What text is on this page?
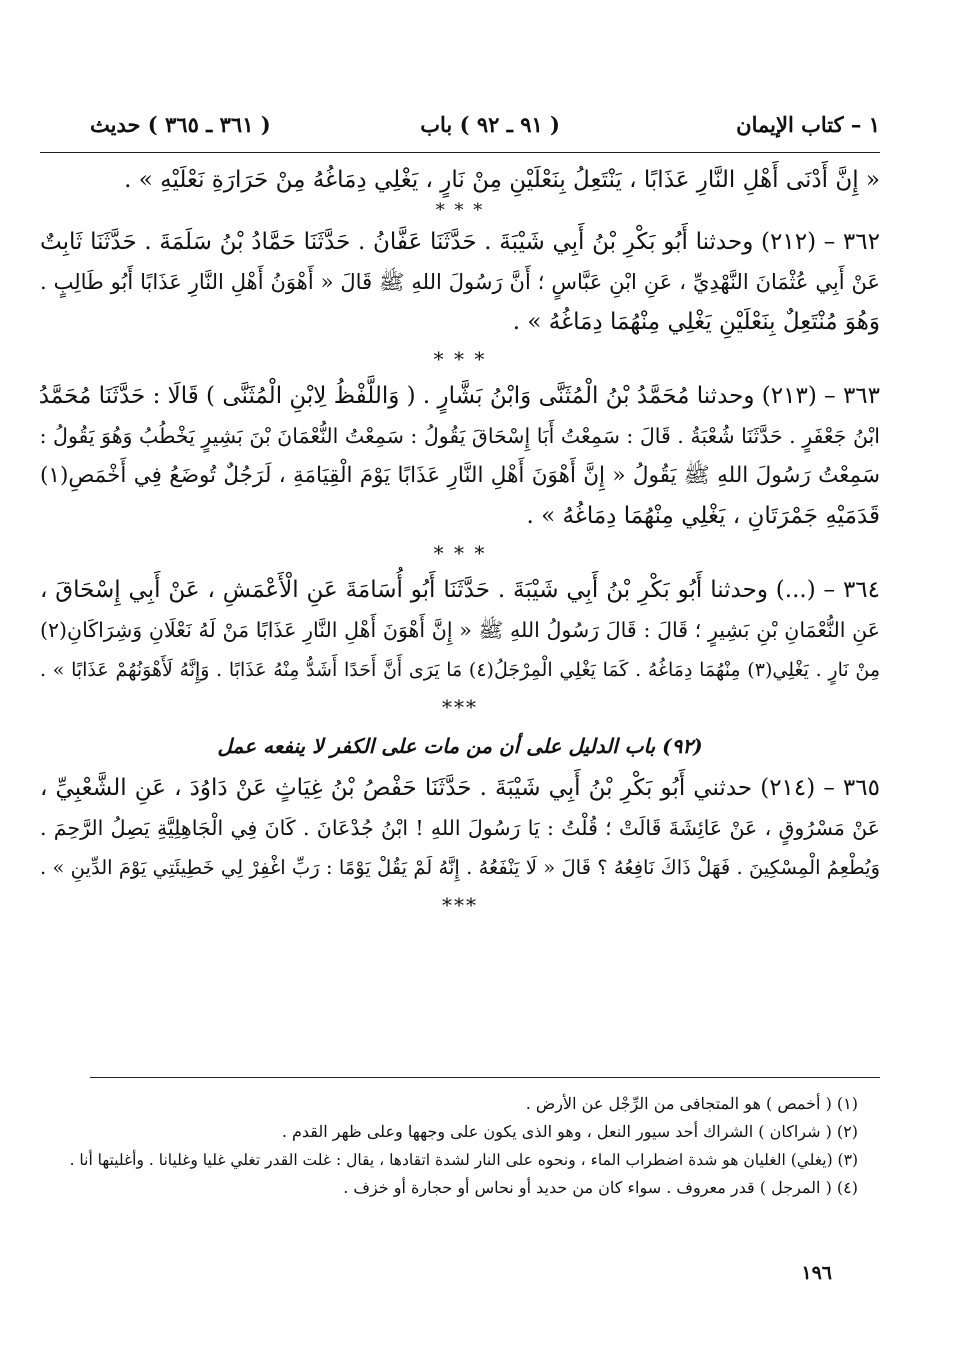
١ – كتاب الإيمان
( ٩١ ـ ٩٢ ) باب
( ٣٦١ ـ ٣٦٥ ) حديث
« إِنَّ أَدْنَى أَهْلِ النَّارِ عَذَابًا ، يَنْتَعِلُ بِنَعْلَيْنِ مِنْ نَارٍ ، يَغْلِي دِمَاغُهُ مِنْ حَرَارَةِ نَعْلَيْهِ » .
* * *
٣٦٢ – (٢١٢) وحدثنا أَبُو بَكْرِ بْنُ أَبِي شَيْبَةَ . حَدَّثَنَا عَفَّانُ . حَدَّثَنَا حَمَّادُ بْنُ سَلَمَةَ . حَدَّثَنَا ثَابِتٌ
عَنْ أَبِي عُثْمَانَ النَّهْدِيِّ ، عَنِ ابْنِ عَبَّاسٍ ؛ أَنَّ رَسُولَ اللهِ ﷺ قَالَ « أَهْوَنُ أَهْلِ النَّارِ عَذَابًا أَبُو طَالِبٍ .
وَهُوَ مُنْتَعِلٌ بِنَعْلَيْنِ يَغْلِي مِنْهُمَا دِمَاغُهُ » .
* * *
٣٦٣ – (٢١٣) وحدثنا مُحَمَّدُ بْنُ الْمُثَنَّى وَابْنُ بَشَّارٍ . ( وَاللَّفْظُ لِابْنِ الْمُثَنَّى ) قَالَا : حَدَّثَنَا مُحَمَّدُ
ابْنُ جَعْفَرٍ . حَدَّثَنَا شُعْبَةُ . قَالَ : سَمِعْتُ أَبَا إِسْحَاقَ يَقُولُ : سَمِعْتُ النُّعْمَانَ بْنَ بَشِيرٍ يَخْطُبُ وَهُوَ يَقُولُ :
سَمِعْتُ رَسُولَ اللهِ ﷺ يَقُولُ « إِنَّ أَهْوَنَ أَهْلِ النَّارِ عَذَابًا يَوْمَ الْقِيَامَةِ ، لَرَجُلٌ تُوضَعُ فِي أَخْمَصِ(١)
قَدَمَيْهِ جَمْرَتَانِ ، يَغْلِي مِنْهُمَا دِمَاغُهُ » .
* * *
٣٦٤ – (...) وحدثنا أَبُو بَكْرِ بْنُ أَبِي شَيْبَةَ . حَدَّثَنَا أَبُو أُسَامَةَ عَنِ الْأَعْمَشِ ، عَنْ أَبِي إِسْحَاقَ ،
عَنِ النُّعْمَانِ بْنِ بَشِيرٍ ؛ قَالَ : قَالَ رَسُولُ اللهِ ﷺ « إِنَّ أَهْوَنَ أَهْلِ النَّارِ عَذَابًا مَنْ لَهُ نَعْلَانِ وَشِرَاكَانِ(٢)
مِنْ نَارٍ . يَغْلِي(٣) مِنْهُمَا دِمَاغُهُ . كَمَا يَغْلِي الْمِرْجَلُ(٤) مَا يَرَى أَنَّ أَحَدًا أَشَدُّ مِنْهُ عَذَابًا . وَإِنَّهُ لَأَهْوَنُهُمْ عَذَابًا » .
***
(٩٢) باب الدليل على أن من مات على الكفر لا ينفعه عمل
٣٦٥ – (٢١٤) حدثني أَبُو بَكْرِ بْنُ أَبِي شَيْبَةَ . حَدَّثَنَا حَفْصُ بْنُ غِيَاثٍ عَنْ دَاوُدَ ، عَنِ الشَّعْبِيِّ ،
عَنْ مَسْرُوقٍ ، عَنْ عَائِشَةَ قَالَتْ ؛ قُلْتُ : يَا رَسُولَ اللهِ ! ابْنُ جُدْعَانَ . كَانَ فِي الْجَاهِلِيَّةِ يَصِلُ الرَّحِمَ .
وَيُطْعِمُ الْمِسْكِينَ . فَهَلْ ذَاكَ نَافِعُهُ ؟ قَالَ « لَا يَنْفَعُهُ . إِنَّهُ لَمْ يَقُلْ يَوْمًا : رَبِّ اغْفِرْ لِي خَطِيئَتِي يَوْمَ الدِّينِ » .
***
(١) ( أخمص ) هو المتجافى من الرِّجْل عن الأرض .
(٢) ( شراكان ) الشراك أحد سيور النعل ، وهو الذى يكون على وجهها وعلى ظهر القدم .
(٣) (يغلي) الغليان هو شدة اضطراب الماء ، ونحوه على النار لشدة اتقادها ، يقال : غلت القدر تغلي غليا وغليانا . وأغليتها أنا .
(٤) ( المرجل ) قدر معروف . سواء كان من حديد أو نحاس أو حجارة أو خزف .
١٩٦
